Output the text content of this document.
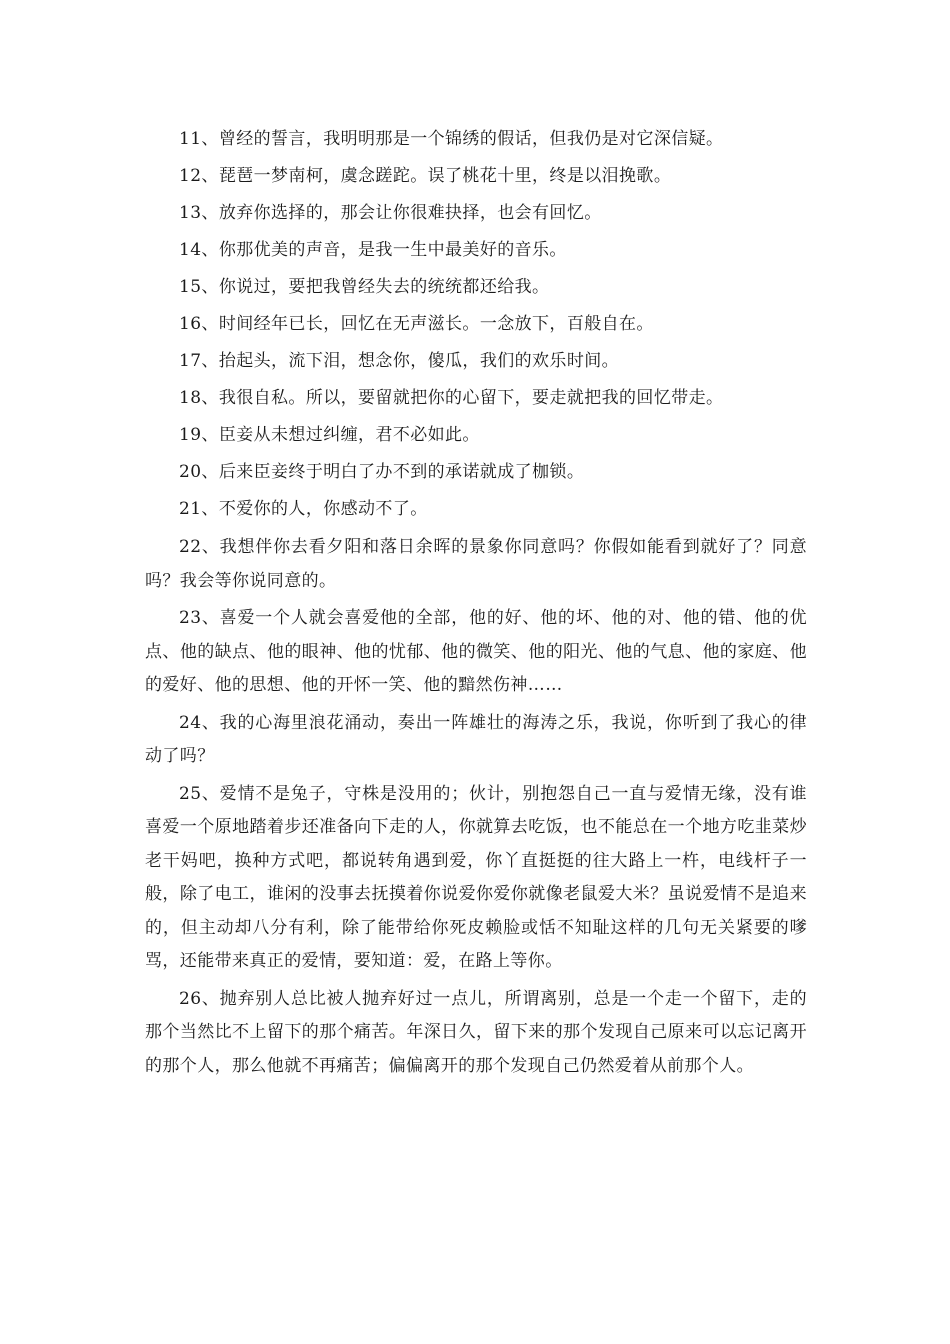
11、曾经的誓言，我明明那是一个锦绣的假话，但我仍是对它深信疑。

12、琵琶一梦南柯，虞念蹉跎。误了桃花十里，终是以泪挽歌。

13、放弃你选择的，那会让你很难抉择，也会有回忆。

14、你那优美的声音，是我一生中最美好的音乐。

15、你说过，要把我曾经失去的统统都还给我。

16、时间经年已长，回忆在无声滋长。一念放下，百般自在。

17、抬起头，流下泪，想念你，傻瓜，我们的欢乐时间。

18、我很自私。所以，要留就把你的心留下，要走就把我的回忆带走。

19、臣妾从未想过纠缠，君不必如此。

20、后来臣妾终于明白了办不到的承诺就成了枷锁。

21、不爱你的人，你感动不了。

22、我想伴你去看夕阳和落日余晖的景象你同意吗？你假如能看到就好了？同意吗？我会等你说同意的。

23、喜爱一个人就会喜爱他的全部，他的好、他的坏、他的对、他的错、他的优点、他的缺点、他的眼神、他的忧郁、他的微笑、他的阳光、他的气息、他的家庭、他的爱好、他的思想、他的开怀一笑、他的黯然伤神……

24、我的心海里浪花涌动，奏出一阵雄壮的海涛之乐，我说，你听到了我心的律动了吗？

25、爱情不是兔子，守株是没用的；伙计，别抱怨自己一直与爱情无缘，没有谁喜爱一个原地踏着步还准备向下走的人，你就算去吃饭，也不能总在一个地方吃韭菜炒老干妈吧，换种方式吧，都说转角遇到爱，你丫直挺挺的往大路上一杵，电线杆子一般，除了电工，谁闲的没事去抚摸着你说爱你爱你就像老鼠爱大米？虽说爱情不是追来的，但主动却八分有利，除了能带给你死皮赖脸或恬不知耻这样的几句无关紧要的嗲骂，还能带来真正的爱情，要知道：爱，在路上等你。

26、抛弃别人总比被人抛弃好过一点儿，所谓离别，总是一个走一个留下，走的那个当然比不上留下的那个痛苦。年深日久，留下来的那个发现自己原来可以忘记离开的那个人，那么他就不再痛苦；偏偏离开的那个发现自己仍然爱着从前那个人。
